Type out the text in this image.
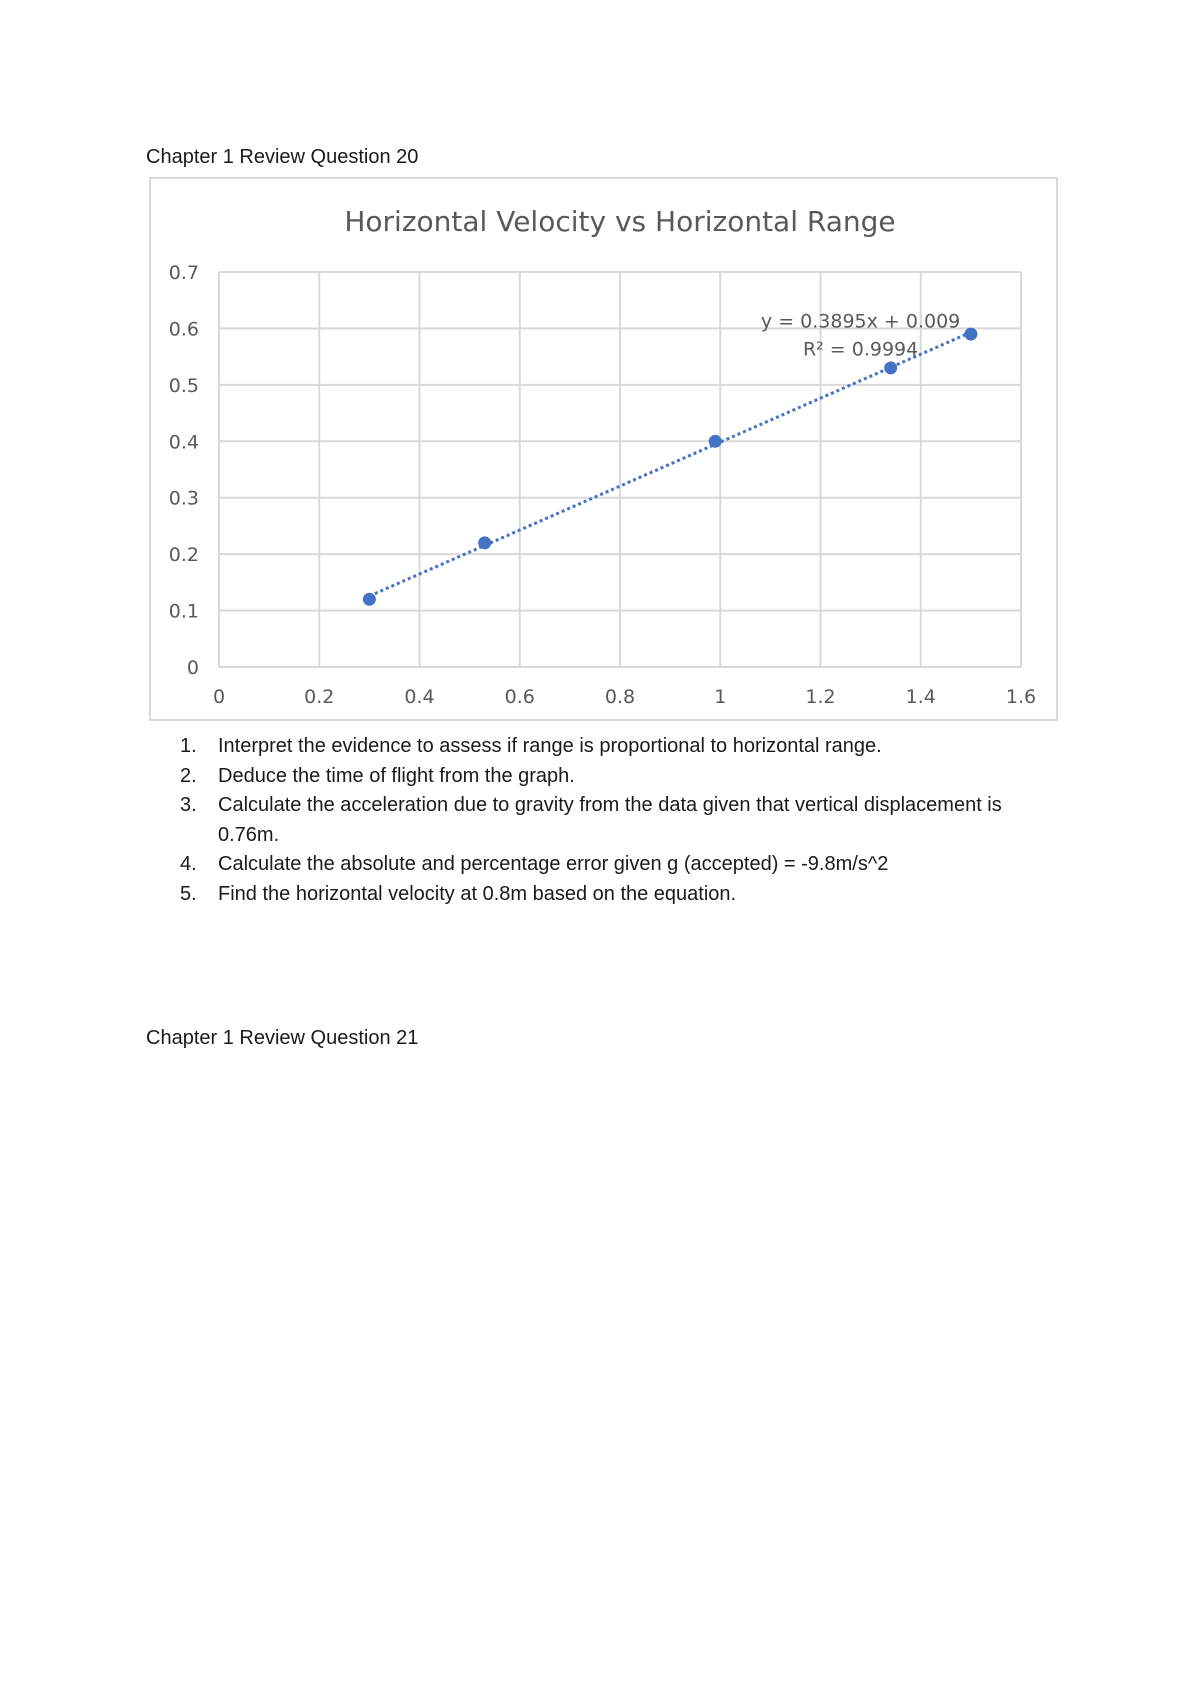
Chapter 1 Review Question 20
Horizontal Velocity vs Horizontal Range
0	0.2	0.4	0.6	0.8	1	1.2	1.4	1.6
0
0.1
0.2
0.3
0.4
0.5
0.6
0.7
y = 0.3895x + 0.009
R² = 0.9994
1. Interpret the evidence to assess if range is proportional to horizontal range.
2. Deduce the time of flight from the graph.
3. Calculate the acceleration due to gravity from the data given that vertical displacement is 0.76m.
4. Calculate the absolute and percentage error given g (accepted) = -9.8m/s^2
5. Find the horizontal velocity at 0.8m based on the equation.
Chapter 1 Review Question 21
